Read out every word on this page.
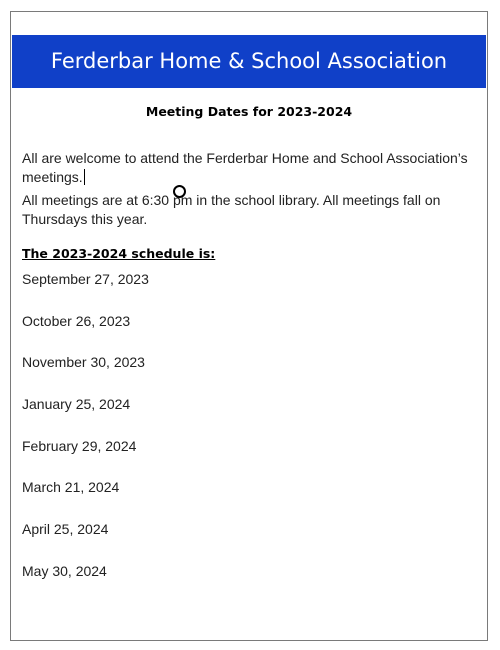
Ferderbar Home & School Association
Meeting Dates for 2023-2024
All are welcome to attend the Ferderbar Home and School Association’s meetings.
All meetings are at 6:30 pm in the school library. All meetings fall on Thursdays this year.
The 2023-2024 schedule is:
September 27, 2023
October 26, 2023
November 30, 2023
January 25, 2024
February 29, 2024
March 21, 2024
April 25, 2024
May 30, 2024
